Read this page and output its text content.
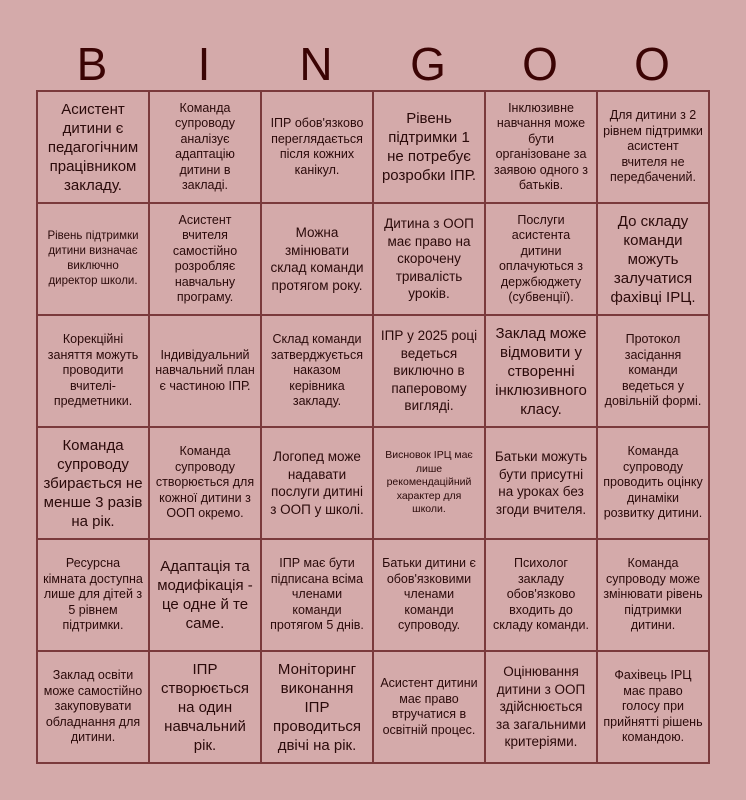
B	I	N	G	O	O
Асистент дитини є педагогічним працівником закладу.
Команда супроводу аналізує адаптацію дитини в закладі.
ІПР обов'язково переглядається після кожних канікул.
Рівень підтримки 1 не потребує розробки ІПР.
Інклюзивне навчання може бути організоване за заявою одного з батьків.
Для дитини з 2 рівнем підтримки асистент вчителя не передбачений.
Рівень підтримки дитини визначає виключно директор школи.
Асистент вчителя самостійно розробляє навчальну програму.
Можна змінювати склад команди протягом року.
Дитина з ООП має право на скорочену тривалість уроків.
Послуги асистента дитини оплачуються з держбюджету (субвенції).
До складу команди можуть залучатися фахівці ІРЦ.
Корекційні заняття можуть проводити вчителі-предметники.
Індивідуальний навчальний план є частиною ІПР.
Склад команди затверджується наказом керівника закладу.
ІПР у 2025 році ведеться виключно в паперовому вигляді.
Заклад може відмовити у створенні інклюзивного класу.
Протокол засідання команди ведеться у довільній формі.
Команда супроводу збирається не менше 3 разів на рік.
Команда супроводу створюється для кожної дитини з ООП окремо.
Логопед може надавати послуги дитині з ООП у школі.
Висновок ІРЦ має лише рекомендаційний характер для школи.
Батьки можуть бути присутні на уроках без згоди вчителя.
Команда супроводу проводить оцінку динаміки розвитку дитини.
Ресурсна кімната доступна лише для дітей з 5 рівнем підтримки.
Адаптація та модифікація - це одне й те саме.
ІПР має бути підписана всіма членами команди протягом 5 днів.
Батьки дитини є обов'язковими членами команди супроводу.
Психолог закладу обов'язково входить до складу команди.
Команда супроводу може змінювати рівень підтримки дитини.
Заклад освіти може самостійно закуповувати обладнання для дитини.
ІПР створюється на один навчальний рік.
Моніторинг виконання ІПР проводиться двічі на рік.
Асистент дитини має право втручатися в освітній процес.
Оцінювання дитини з ООП здійснюється за загальними критеріями.
Фахівець ІРЦ має право голосу при прийнятті рішень командою.
